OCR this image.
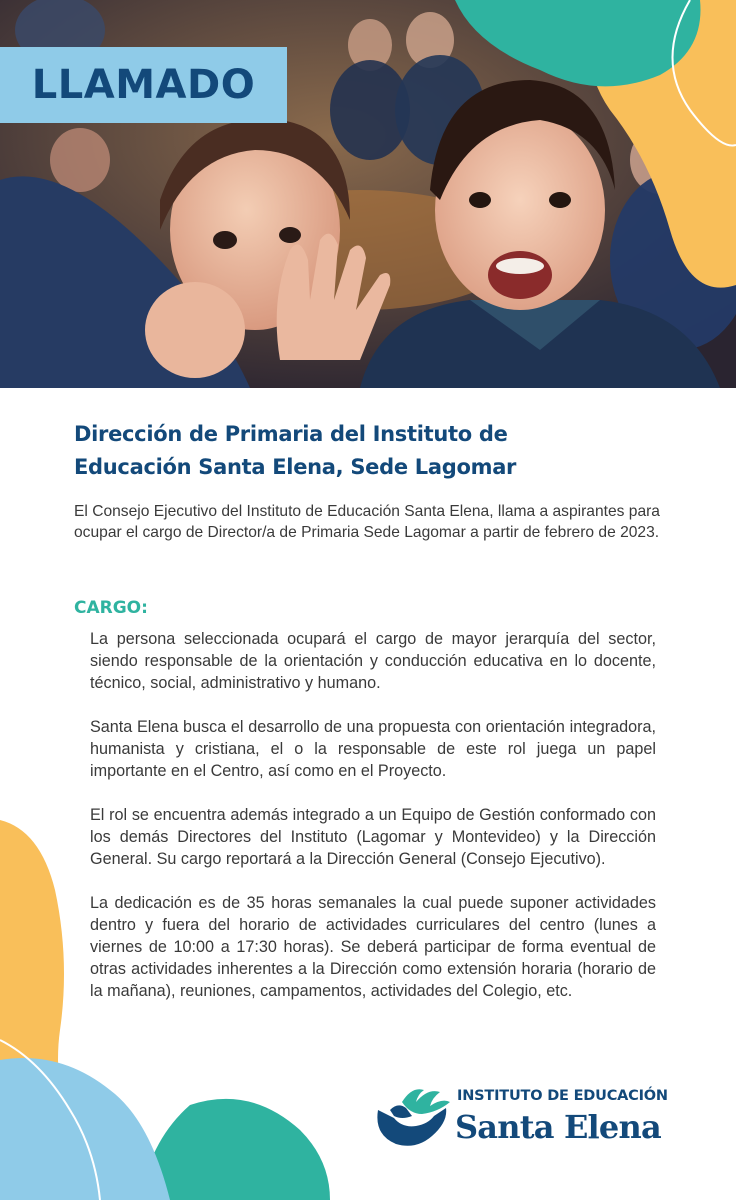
LLAMADO
Dirección de Primaria del Instituto de
Educación Santa Elena, Sede Lagomar

El Consejo Ejecutivo del Instituto de Educación Santa Elena, llama a aspirantes para ocupar el cargo de Director/a de Primaria Sede Lagomar a partir de febrero de 2023.

CARGO:

La persona seleccionada ocupará el cargo de mayor jerarquía del sector, siendo responsable de la orientación y conducción educativa en lo docente, técnico, social, administrativo y humano.

Santa Elena busca el desarrollo de una propuesta con orientación integradora, humanista y cristiana, el o la responsable de este rol juega un papel importante en el Centro, así como en el Proyecto.

El rol se encuentra además integrado a un Equipo de Gestión conformado con los demás Directores del Instituto (Lagomar y Montevideo) y la Dirección General. Su cargo reportará a la Dirección General (Consejo Ejecutivo).

La dedicación es de 35 horas semanales la cual puede suponer actividades dentro y fuera del horario de actividades curriculares del centro (lunes a viernes de 10:00 a 17:30 horas). Se deberá participar de forma eventual de otras actividades inherentes a la Dirección como extensión horaria (horario de la mañana), reuniones, campamentos, actividades del Colegio, etc.

INSTITUTO DE EDUCACIÓN
Santa Elena
